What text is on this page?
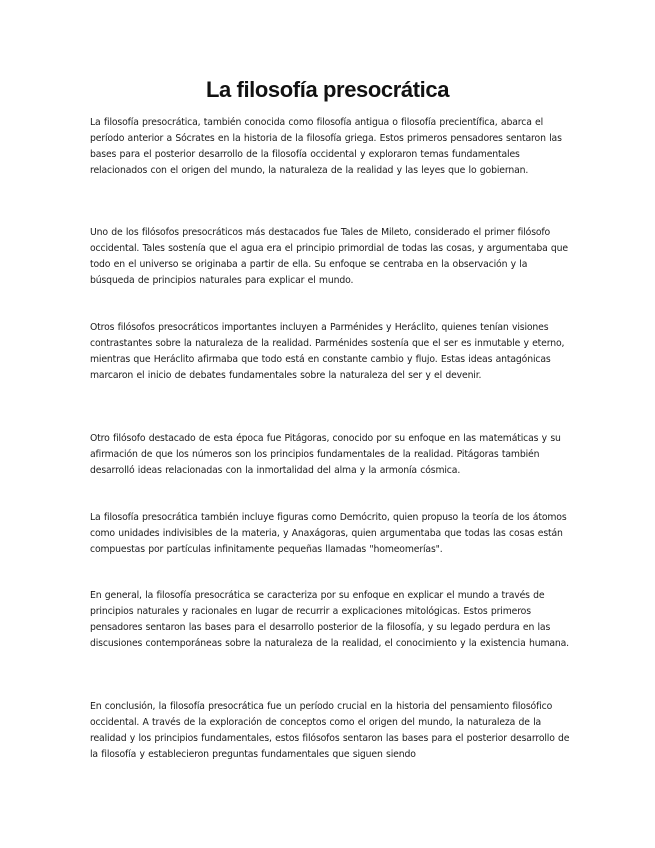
La filosofía presocrática

La filosofía presocrática, también conocida como filosofía antigua o filosofía precientífica, abarca el período anterior a Sócrates en la historia de la filosofía griega. Estos primeros pensadores sentaron las bases para el posterior desarrollo de la filosofía occidental y exploraron temas fundamentales relacionados con el origen del mundo, la naturaleza de la realidad y las leyes que lo gobiernan.

Uno de los filósofos presocráticos más destacados fue Tales de Mileto, considerado el primer filósofo occidental. Tales sostenía que el agua era el principio primordial de todas las cosas, y argumentaba que todo en el universo se originaba a partir de ella. Su enfoque se centraba en la observación y la búsqueda de principios naturales para explicar el mundo.

Otros filósofos presocráticos importantes incluyen a Parménides y Heráclito, quienes tenían visiones contrastantes sobre la naturaleza de la realidad. Parménides sostenía que el ser es inmutable y eterno, mientras que Heráclito afirmaba que todo está en constante cambio y flujo. Estas ideas antagónicas marcaron el inicio de debates fundamentales sobre la naturaleza del ser y el devenir.

Otro filósofo destacado de esta época fue Pitágoras, conocido por su enfoque en las matemáticas y su afirmación de que los números son los principios fundamentales de la realidad. Pitágoras también desarrolló ideas relacionadas con la inmortalidad del alma y la armonía cósmica.

La filosofía presocrática también incluye figuras como Demócrito, quien propuso la teoría de los átomos como unidades indivisibles de la materia, y Anaxágoras, quien argumentaba que todas las cosas están compuestas por partículas infinitamente pequeñas llamadas "homeomerías".

En general, la filosofía presocrática se caracteriza por su enfoque en explicar el mundo a través de principios naturales y racionales en lugar de recurrir a explicaciones mitológicas. Estos primeros pensadores sentaron las bases para el desarrollo posterior de la filosofía, y su legado perdura en las discusiones contemporáneas sobre la naturaleza de la realidad, el conocimiento y la existencia humana.

En conclusión, la filosofía presocrática fue un período crucial en la historia del pensamiento filosófico occidental. A través de la exploración de conceptos como el origen del mundo, la naturaleza de la realidad y los principios fundamentales, estos filósofos sentaron las bases para el posterior desarrollo de la filosofía y establecieron preguntas fundamentales que siguen siendo
